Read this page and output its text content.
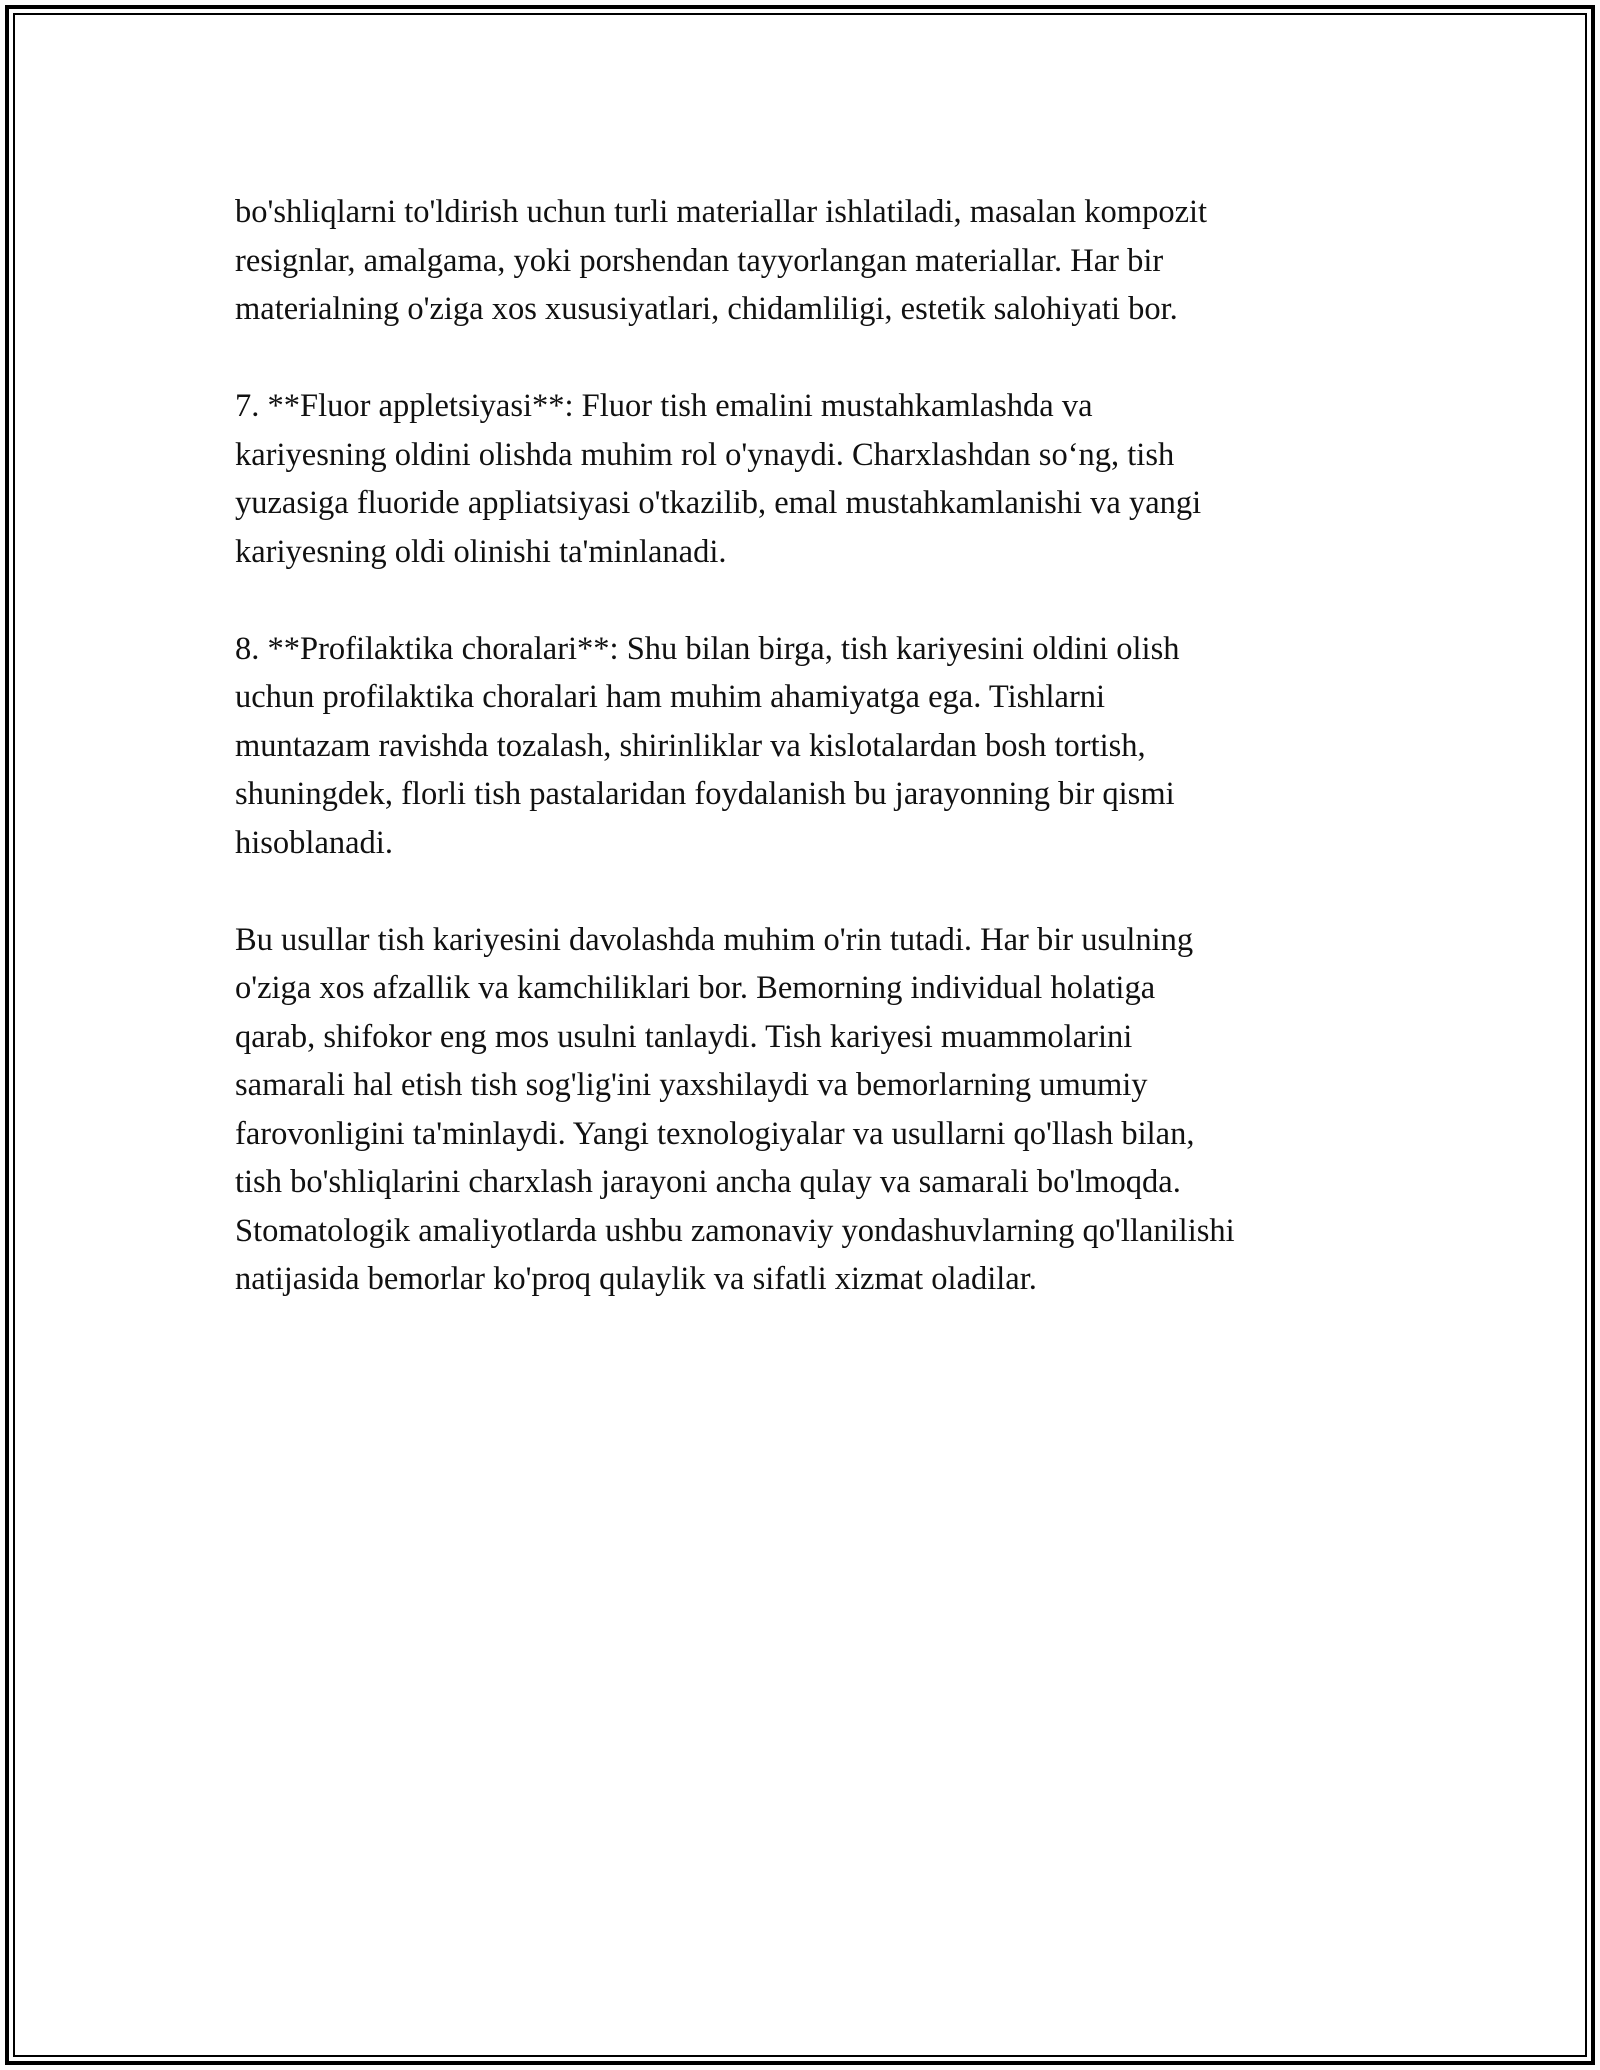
bo'shliqlarni to'ldirish uchun turli materiallar ishlatiladi, masalan kompozit
resignlar, amalgama, yoki porshendan tayyorlangan materiallar. Har bir
materialning o'ziga xos xususiyatlari, chidamliligi, estetik salohiyati bor.

7. **Fluor appletsiyasi**: Fluor tish emalini mustahkamlashda va
kariyesning oldini olishda muhim rol o'ynaydi. Charxlashdan so‘ng, tish
yuzasiga fluoride appliatsiyasi o'tkazilib, emal mustahkamlanishi va yangi
kariyesning oldi olinishi ta'minlanadi.

8. **Profilaktika choralari**: Shu bilan birga, tish kariyesini oldini olish
uchun profilaktika choralari ham muhim ahamiyatga ega. Tishlarni
muntazam ravishda tozalash, shirinliklar va kislotalardan bosh tortish,
shuningdek, florli tish pastalaridan foydalanish bu jarayonning bir qismi
hisoblanadi.

Bu usullar tish kariyesini davolashda muhim o'rin tutadi. Har bir usulning
o'ziga xos afzallik va kamchiliklari bor. Bemorning individual holatiga
qarab, shifokor eng mos usulni tanlaydi. Tish kariyesi muammolarini
samarali hal etish tish sog'lig'ini yaxshilaydi va bemorlarning umumiy
farovonligini ta'minlaydi. Yangi texnologiyalar va usullarni qo'llash bilan,
tish bo'shliqlarini charxlash jarayoni ancha qulay va samarali bo'lmoqda.
Stomatologik amaliyotlarda ushbu zamonaviy yondashuvlarning qo'llanilishi
natijasida bemorlar ko'proq qulaylik va sifatli xizmat oladilar.
